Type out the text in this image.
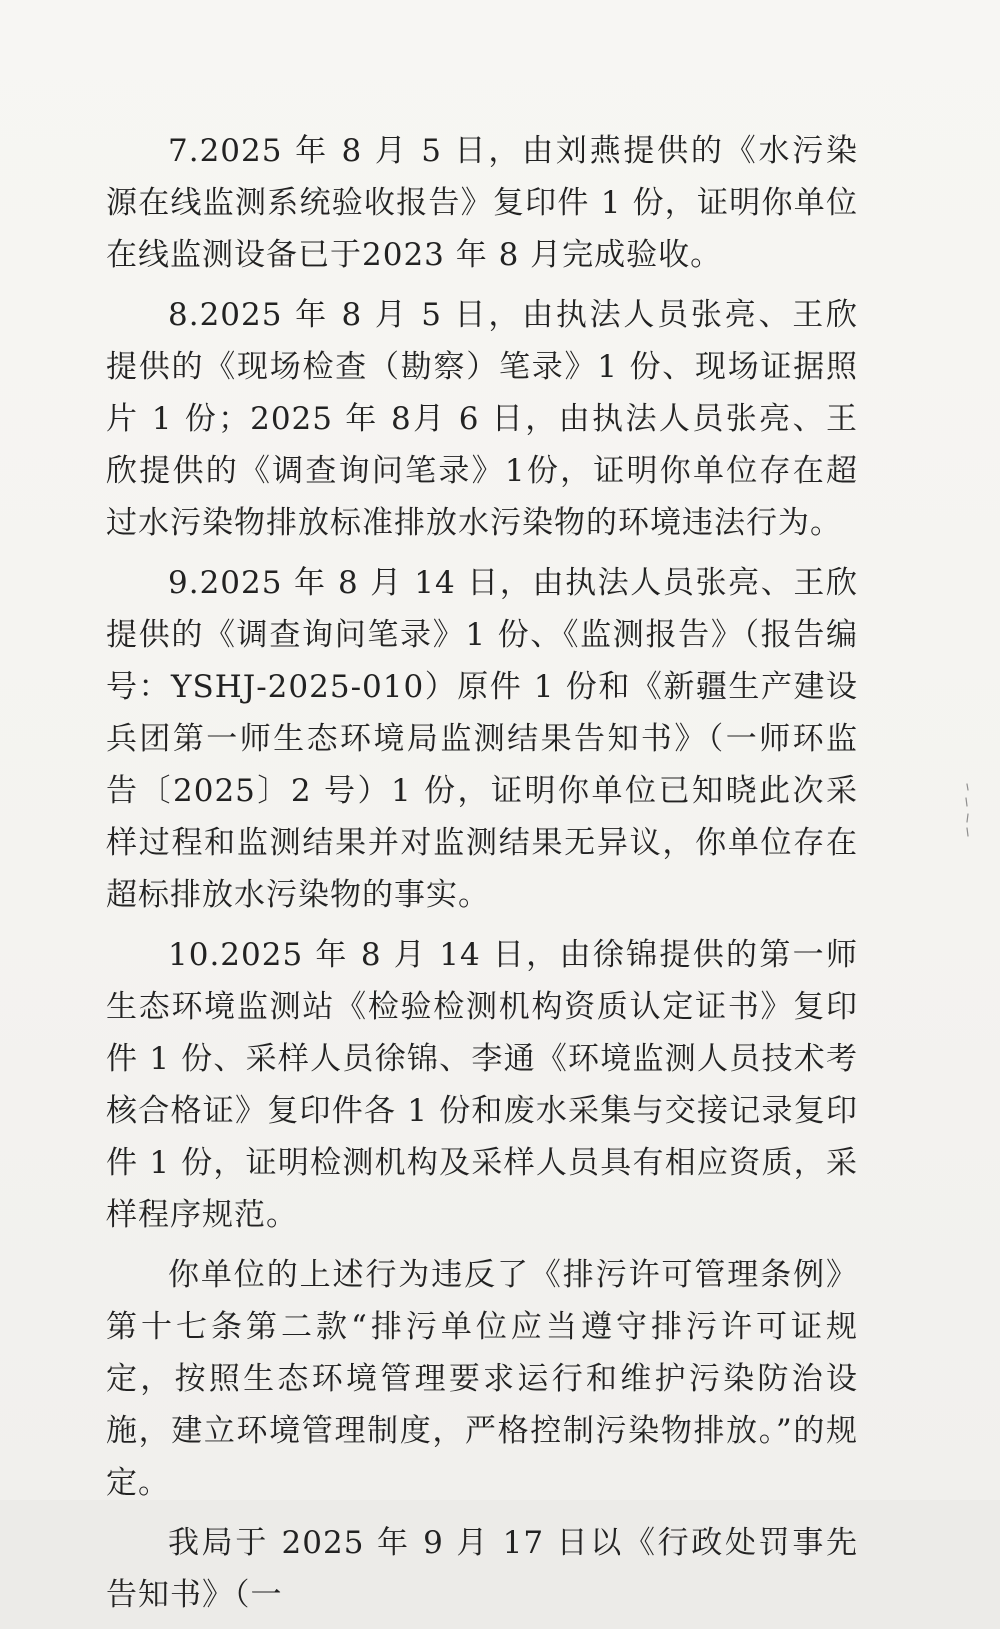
7.2025 年 8 月 5 日，由刘燕提供的《水污染源在线监测系统验收报告》复印件 1 份，证明你单位在线监测设备已于2023 年 8 月完成验收。

8.2025 年 8 月 5 日，由执法人员张亮、王欣提供的《现场检查（勘察）笔录》1 份、现场证据照片 1 份；2025 年 8月 6 日，由执法人员张亮、王欣提供的《调查询问笔录》1份，证明你单位存在超过水污染物排放标准排放水污染物的环境违法行为。

9.2025 年 8 月 14 日，由执法人员张亮、王欣提供的《调查询问笔录》1 份、《监测报告》（报告编号：YSHJ-2025-010）原件 1 份和《新疆生产建设兵团第一师生态环境局监测结果告知书》（一师环监告〔2025〕2 号）1 份，证明你单位已知晓此次采样过程和监测结果并对监测结果无异议，你单位存在超标排放水污染物的事实。

10.2025 年 8 月 14 日，由徐锦提供的第一师生态环境监测站《检验检测机构资质认定证书》复印件 1 份、采样人员徐锦、李通《环境监测人员技术考核合格证》复印件各 1 份和废水采集与交接记录复印件 1 份，证明检测机构及采样人员具有相应资质，采样程序规范。

你单位的上述行为违反了《排污许可管理条例》第十七条第二款“排污单位应当遵守排污许可证规定，按照生态环境管理要求运行和维护污染防治设施，建立环境管理制度，严格控制污染物排放。”的规定。

我局于 2025 年 9 月 17 日以《行政处罚事先告知书》（一
